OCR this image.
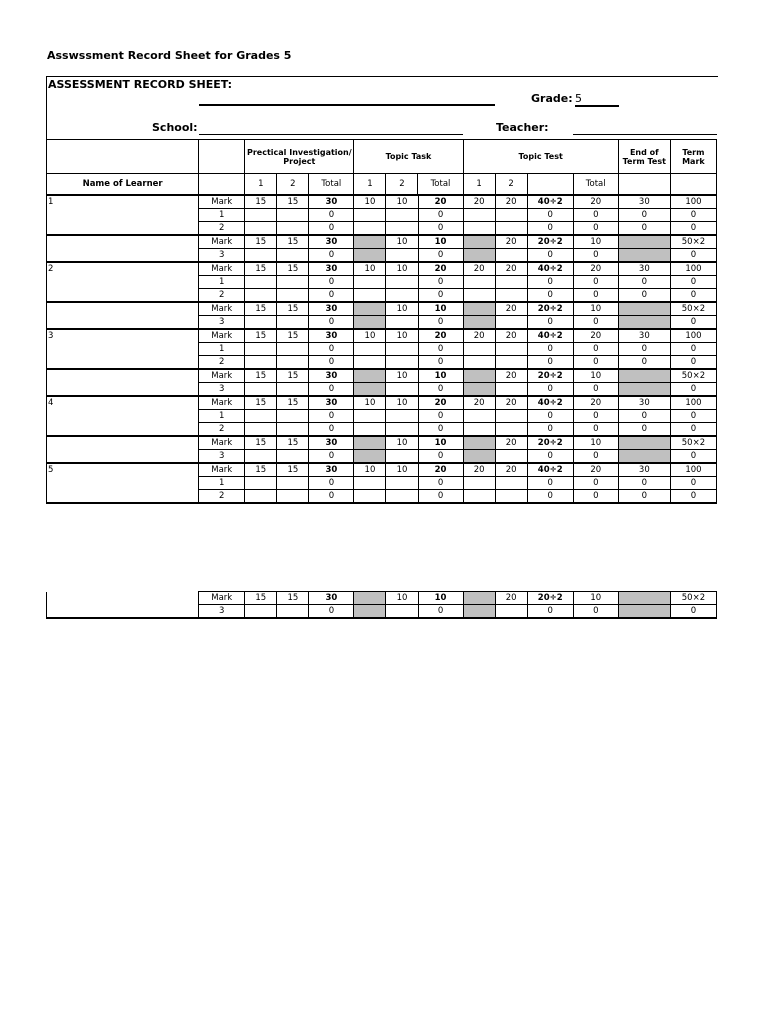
Asswssment Record Sheet for Grades 5
ASSESSMENT RECORD SHEET:
Grade: 5
School:	Teacher:
		Prectical Investigation/ Project			Topic Task			Topic Test				End of Term Test	Term Mark
Name of Learner		1	2	Total	1	2	Total	1	2		Total		
1	Mark	15	15	30	10	10	20	20	20	40÷2	20	30	100
	1			0			0			0	0	0	0
	2			0			0			0	0	0	0
	Mark	15	15	30		10	10		20	20÷2	10		50×2
	3			0			0			0	0		0
2	Mark	15	15	30	10	10	20	20	20	40÷2	20	30	100
	1			0			0			0	0	0	0
	2			0			0			0	0	0	0
	Mark	15	15	30		10	10		20	20÷2	10		50×2
	3			0			0			0	0		0
3	Mark	15	15	30	10	10	20	20	20	40÷2	20	30	100
	1			0			0			0	0	0	0
	2			0			0			0	0	0	0
	Mark	15	15	30		10	10		20	20÷2	10		50×2
	3			0			0			0	0		0
4	Mark	15	15	30	10	10	20	20	20	40÷2	20	30	100
	1			0			0			0	0	0	0
	2			0			0			0	0	0	0
	Mark	15	15	30		10	10		20	20÷2	10		50×2
	3			0			0			0	0		0
5	Mark	15	15	30	10	10	20	20	20	40÷2	20	30	100
	1			0			0			0	0	0	0
	2			0			0			0	0	0	0
	Mark	15	15	30		10	10		20	20÷2	10		50×2
	3			0			0			0	0		0
